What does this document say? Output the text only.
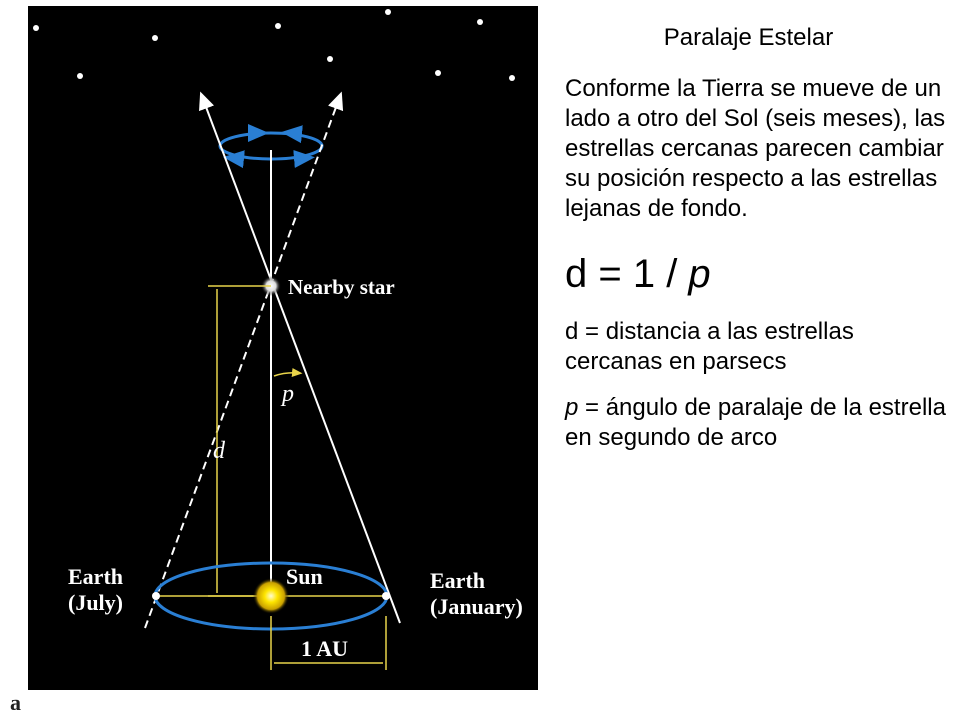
Nearby star
d
p
Sun
Earth (July)
Earth (January)
1 AU
a
Paralaje Estelar

Conforme la Tierra se mueve de un lado a otro del Sol (seis meses), las estrellas cercanas parecen cambiar su posición respecto a las estrellas lejanas de fondo.

d = 1 / p

d = distancia a las estrellas cercanas en parsecs

p = ángulo de paralaje de la estrella en segundo de arco
